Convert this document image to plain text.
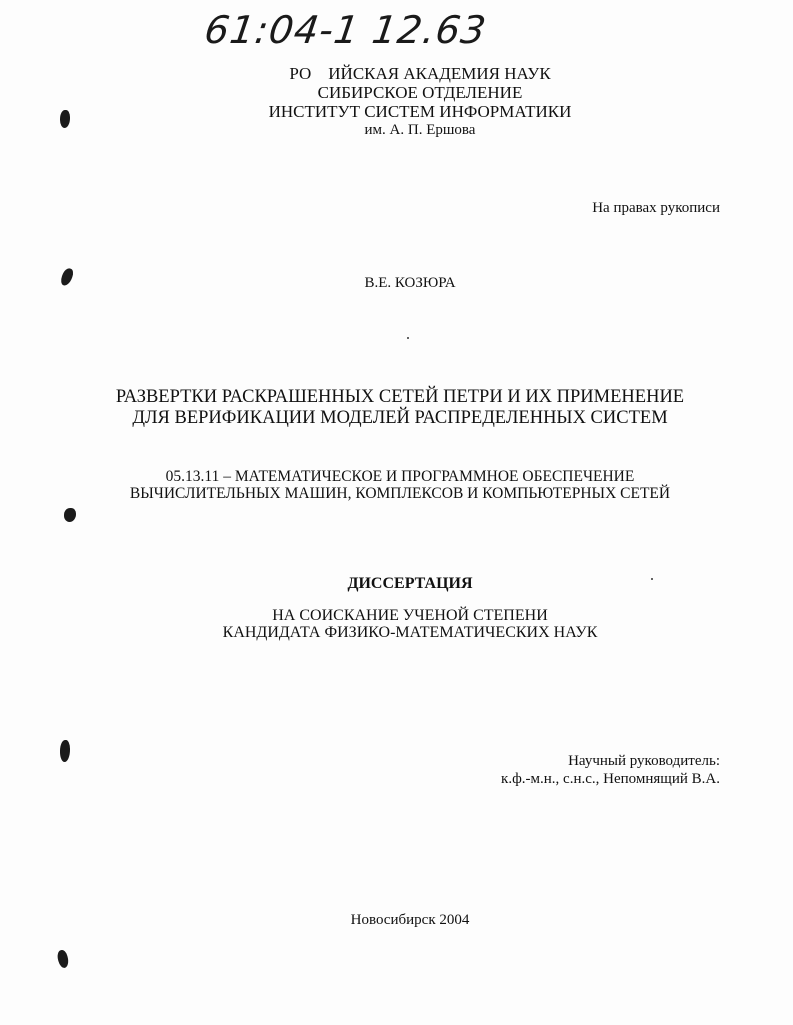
61:04-1 12.63
РО    ИЙСКАЯ АКАДЕМИЯ НАУК
СИБИРСКОЕ ОТДЕЛЕНИЕ
ИНСТИТУТ СИСТЕМ ИНФОРМАТИКИ
им. А. П. Ершова
На правах рукописи
В.Е. КОЗЮРА
РАЗВЕРТКИ РАСКРАШЕННЫХ СЕТЕЙ ПЕТРИ И ИХ ПРИМЕНЕНИЕ
ДЛЯ ВЕРИФИКАЦИИ МОДЕЛЕЙ РАСПРЕДЕЛЕННЫХ СИСТЕМ
05.13.11 – МАТЕМАТИЧЕСКОЕ И ПРОГРАММНОЕ ОБЕСПЕЧЕНИЕ
ВЫЧИСЛИТЕЛЬНЫХ МАШИН, КОМПЛЕКСОВ И КОМПЬЮТЕРНЫХ СЕТЕЙ
ДИССЕРТАЦИЯ
НА СОИСКАНИЕ УЧЕНОЙ СТЕПЕНИ
КАНДИДАТА ФИЗИКО-МАТЕМАТИЧЕСКИХ НАУК
Научный руководитель:
к.ф.-м.н., с.н.с., Непомнящий В.А.
Новосибирск 2004
